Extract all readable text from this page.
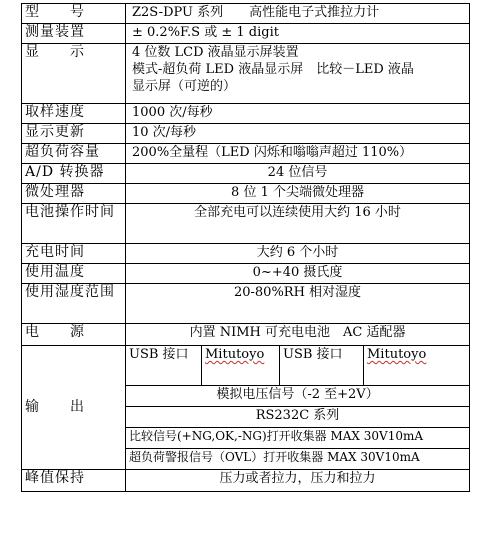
型　　号	Z2S-DPU 系列　　高性能电子式推拉力计			
测量装置	± 0.2%F.S 或 ± 1 digit			
显　　示	4 位数 LCD 液晶显示屏装置
模式-超负荷 LED 液晶显示屏　比较－LED 液晶
显示屏（可逆的）			

取样速度	1000 次/每秒			
显示更新	10 次/每秒			
超负荷容量	200%全量程（LED 闪烁和嗡嗡声超过 110%）			
A/D 转换器	24 位信号			
微处理器	8 位 1 个尖端微处理器			
电池操作时间	全部充电可以连续使用大约 16 小时			
充电时间	大约 6 个小时			
使用温度	0~+40 摄氏度			
使用湿度范围	20-80%RH 相对湿度			
电　　源	内置 NIMH 可充电电池　AC 适配器			
输　　出	USB 接口	Mitutoyo	USB 接口	Mitutoyo
	模拟电压信号（-2 至+2V）			
	RS232C 系列			
	比较信号(+NG,OK,-NG)打开收集器 MAX 30V10mA			
	超负荷警报信号（OVL）打开收集器 MAX 30V10mA			
峰值保持	压力或者拉力，压力和拉力			
